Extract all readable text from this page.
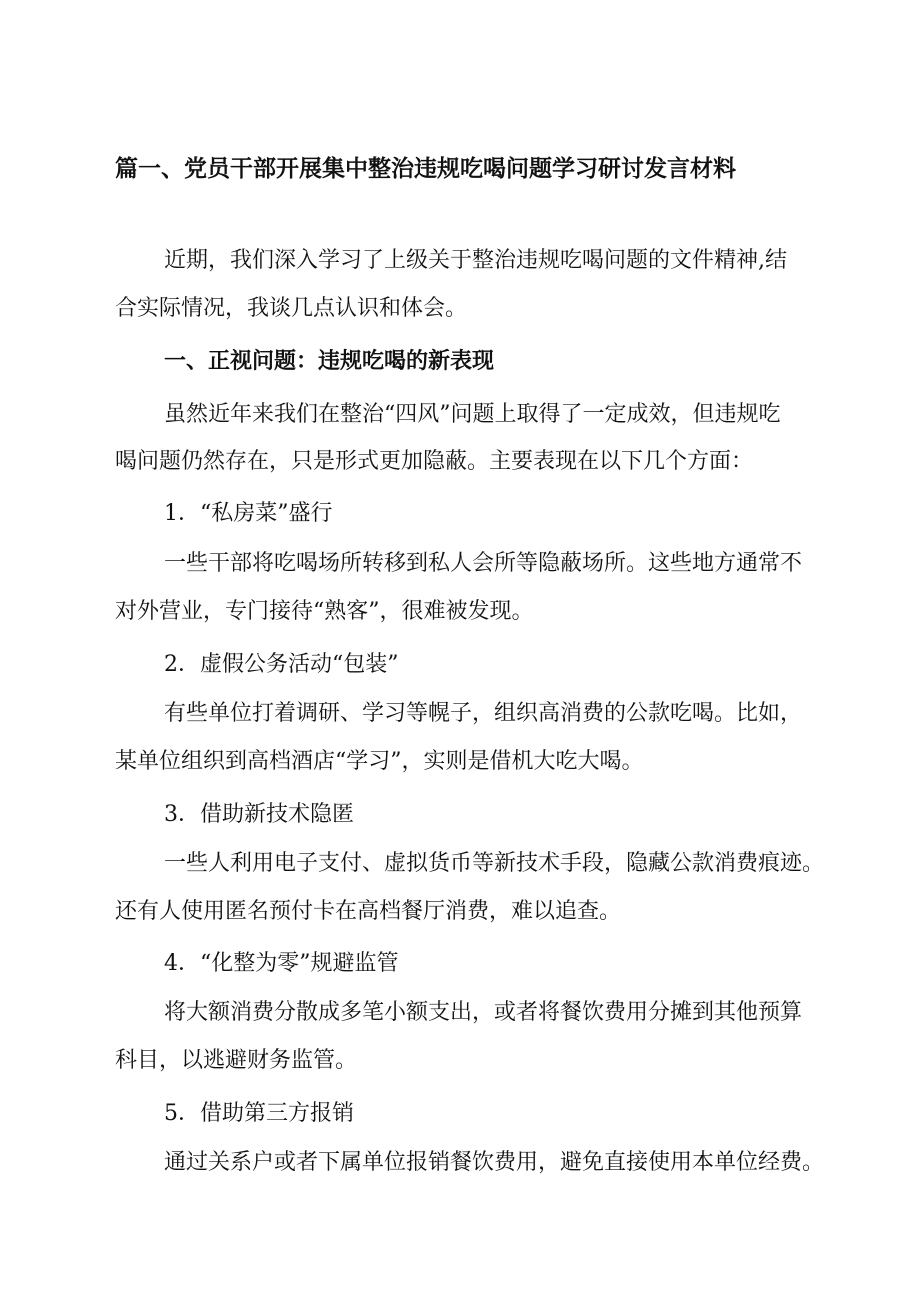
篇一、党员干部开展集中整治违规吃喝问题学习研讨发言材料
近期，我们深入学习了上级关于整治违规吃喝问题的文件精神,结
合实际情况，我谈几点认识和体会。
一、正视问题：违规吃喝的新表现
虽然近年来我们在整治“四风”问题上取得了一定成效，但违规吃
喝问题仍然存在，只是形式更加隐蔽。主要表现在以下几个方面：
1．“私房菜”盛行
一些干部将吃喝场所转移到私人会所等隐蔽场所。这些地方通常不
对外营业，专门接待“熟客”，很难被发现。
2．虚假公务活动“包装”
有些单位打着调研、学习等幌子，组织高消费的公款吃喝。比如，
某单位组织到高档酒店“学习”，实则是借机大吃大喝。
3．借助新技术隐匿
一些人利用电子支付、虚拟货币等新技术手段，隐藏公款消费痕迹。
还有人使用匿名预付卡在高档餐厅消费，难以追查。
4．“化整为零”规避监管
将大额消费分散成多笔小额支出，或者将餐饮费用分摊到其他预算
科目，以逃避财务监管。
5．借助第三方报销
通过关系户或者下属单位报销餐饮费用，避免直接使用本单位经费。
